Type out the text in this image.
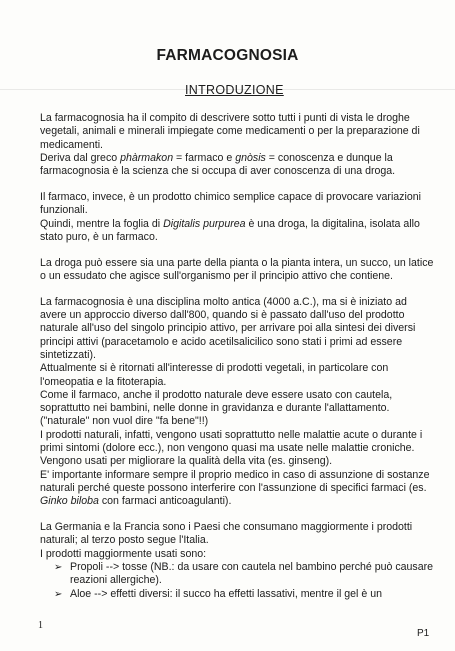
FARMACOGNOSIA
INTRODUZIONE

La farmacognosia ha il compito di descrivere sotto tutti i punti di vista le droghe vegetali, animali e minerali impiegate come medicamenti o per la preparazione di medicamenti.

Deriva dal greco phàrmakon = farmaco e gnòsis = conoscenza e dunque la farmacognosia è la scienza che si occupa di aver conoscenza di una droga.

Il farmaco, invece, è un prodotto chimico semplice capace di provocare variazioni funzionali.

Quindi, mentre la foglia di Digitalis purpurea è una droga, la digitalina, isolata allo stato puro, è un farmaco.

La droga può essere sia una parte della pianta o la pianta intera, un succo, un latice o un essudato che agisce sull'organismo per il principio attivo che contiene.

La farmacognosia è una disciplina molto antica (4000 a.C.), ma si è iniziato ad avere un approccio diverso dall'800, quando si è passato dall'uso del prodotto naturale all'uso del singolo principio attivo, per arrivare poi alla sintesi dei diversi principi attivi (paracetamolo e acido acetilsalicilico sono stati i primi ad essere sintetizzati).

Attualmente si è ritornati all'interesse di prodotti vegetali, in particolare con l'omeopatia e la fitoterapia.

Come il farmaco, anche il prodotto naturale deve essere usato con cautela, soprattutto nei bambini, nelle donne in gravidanza e durante l'allattamento. ("naturale" non vuol dire "fa bene"!!)

I prodotti naturali, infatti, vengono usati soprattutto nelle malattie acute o durante i primi sintomi (dolore ecc.), non vengono quasi ma usate nelle malattie croniche. Vengono usati per migliorare la qualità della vita (es. ginseng).

E' importante informare sempre il proprio medico in caso di assunzione di sostanze naturali perché queste possono interferire con l'assunzione di specifici farmaci (es. Ginko biloba con farmaci anticoagulanti).

La Germania e la Francia sono i Paesi che consumano maggiormente i prodotti naturali; al terzo posto segue l'Italia.

I prodotti maggiormente usati sono:

➢ Propoli --> tosse (NB.: da usare con cautela nel bambino perché può causare reazioni allergiche).
➢ Aloe --> effetti diversi: il succo ha effetti lassativi, mentre il gel è un
1
P1
